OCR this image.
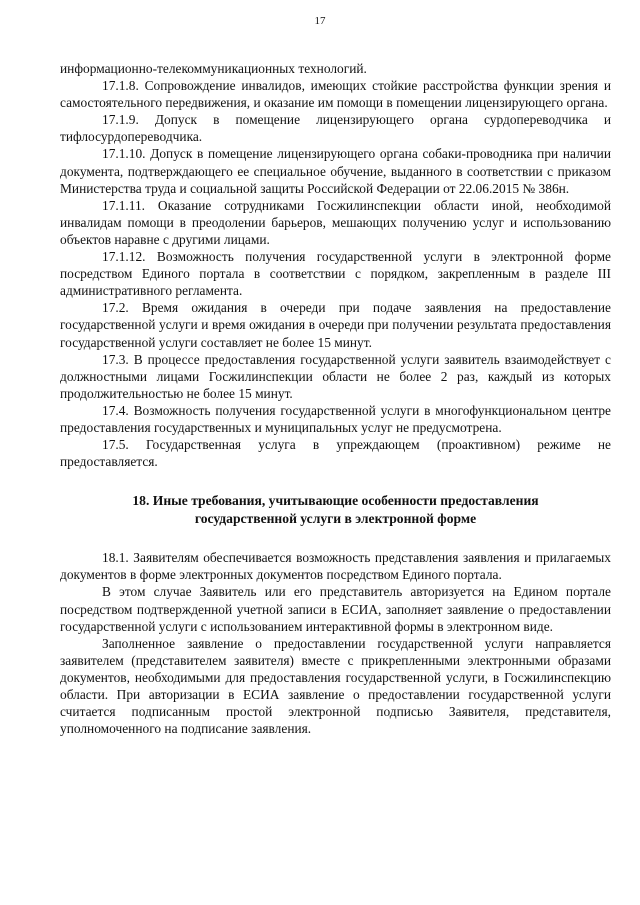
17

информационно-телекоммуникационных технологий.

17.1.8. Сопровождение инвалидов, имеющих стойкие расстройства функции зрения и самостоятельного передвижения, и оказание им помощи в помещении лицензирующего органа.

17.1.9. Допуск в помещение лицензирующего органа сурдопереводчика и тифлосурдопереводчика.

17.1.10. Допуск в помещение лицензирующего органа собаки-проводника при наличии документа, подтверждающего ее специальное обучение, выданного в соответствии с приказом Министерства труда и социальной защиты Российской Федерации от 22.06.2015 № 386н.

17.1.11. Оказание сотрудниками Госжилинспекции области иной, необходимой инвалидам помощи в преодолении барьеров, мешающих получению услуг и использованию объектов наравне с другими лицами.

17.1.12. Возможность получения государственной услуги в электронной форме посредством Единого портала в соответствии с порядком, закрепленным в разделе III административного регламента.

17.2. Время ожидания в очереди при подаче заявления на предоставление государственной услуги и время ожидания в очереди при получении результата предоставления государственной услуги составляет не более 15 минут.

17.3. В процессе предоставления государственной услуги заявитель взаимодействует с должностными лицами Госжилинспекции области не более 2 раз, каждый из которых продолжительностью не более 15 минут.

17.4. Возможность получения государственной услуги в многофункциональном центре предоставления государственных и муниципальных услуг не предусмотрена.

17.5. Государственная услуга в упреждающем (проактивном) режиме не предоставляется.

18. Иные требования, учитывающие особенности предоставления государственной услуги в электронной форме

18.1. Заявителям обеспечивается возможность представления заявления и прилагаемых документов в форме электронных документов посредством Единого портала.

В этом случае Заявитель или его представитель авторизуется на Едином портале посредством подтвержденной учетной записи в ЕСИА, заполняет заявление о предоставлении государственной услуги с использованием интерактивной формы в электронном виде.

Заполненное заявление о предоставлении государственной услуги направляется заявителем (представителем заявителя) вместе с прикрепленными электронными образами документов, необходимыми для предоставления государственной услуги, в Госжилинспекцию области. При авторизации в ЕСИА заявление о предоставлении государственной услуги считается подписанным простой электронной подписью Заявителя, представителя, уполномоченного на подписание заявления.
